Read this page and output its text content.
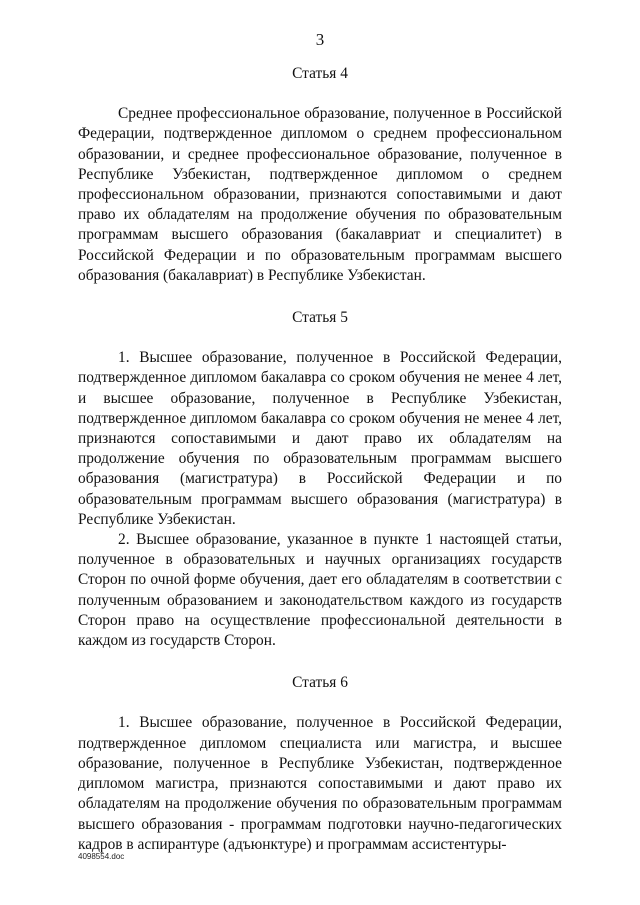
3

Статья 4

Среднее профессиональное образование, полученное в Российской Федерации, подтвержденное дипломом о среднем профессиональном образовании, и среднее профессиональное образование, полученное в Республике Узбекистан, подтвержденное дипломом о среднем профессиональном образовании, признаются сопоставимыми и дают право их обладателям на продолжение обучения по образовательным программам высшего образования (бакалавриат и специалитет) в Российской Федерации и по образовательным программам высшего образования (бакалавриат) в Республике Узбекистан.

Статья 5

1. Высшее образование, полученное в Российской Федерации, подтвержденное дипломом бакалавра со сроком обучения не менее 4 лет, и высшее образование, полученное в Республике Узбекистан, подтвержденное дипломом бакалавра со сроком обучения не менее 4 лет, признаются сопоставимыми и дают право их обладателям на продолжение обучения по образовательным программам высшего образования (магистратура) в Российской Федерации и по образовательным программам высшего образования (магистратура) в Республике Узбекистан.

2. Высшее образование, указанное в пункте 1 настоящей статьи, полученное в образовательных и научных организациях государств Сторон по очной форме обучения, дает его обладателям в соответствии с полученным образованием и законодательством каждого из государств Сторон право на осуществление профессиональной деятельности в каждом из государств Сторон.

Статья 6

1. Высшее образование, полученное в Российской Федерации, подтвержденное дипломом специалиста или магистра, и высшее образование, полученное в Республике Узбекистан, подтвержденное дипломом магистра, признаются сопоставимыми и дают право их обладателям на продолжение обучения по образовательным программам высшего образования - программам подготовки научно-педагогических кадров в аспирантуре (адъюнктуре) и программам ассистентуры-

4098554.doc
